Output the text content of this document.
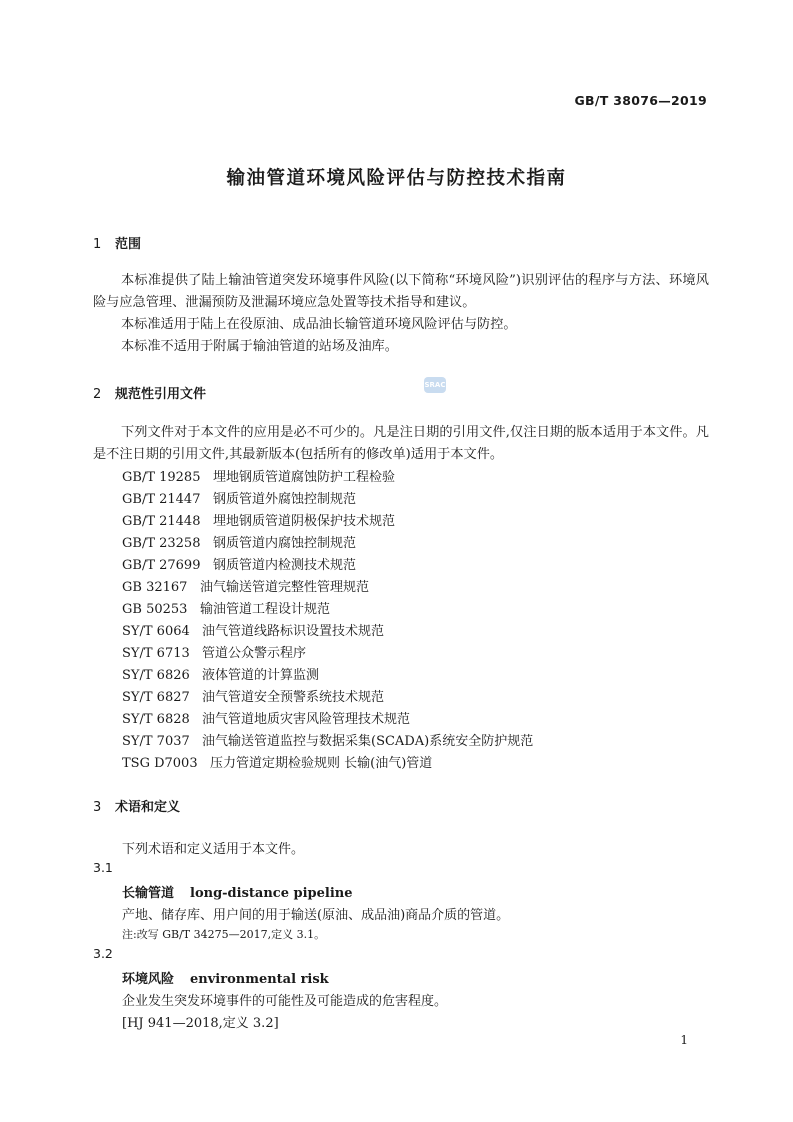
GB/T 38076—2019
输油管道环境风险评估与防控技术指南
1 范围

本标准提供了陆上输油管道突发环境事件风险(以下简称“环境风险”)识别评估的程序与方法、环境风险与应急管理、泄漏预防及泄漏环境应急处置等技术指导和建议。

本标准适用于陆上在役原油、成品油长输管道环境风险评估与防控。

本标准不适用于附属于输油管道的站场及油库。

2 规范性引用文件
SRAC

下列文件对于本文件的应用是必不可少的。凡是注日期的引用文件,仅注日期的版本适用于本文件。凡是不注日期的引用文件,其最新版本(包括所有的修改单)适用于本文件。

GB/T 19285 埋地钢质管道腐蚀防护工程检验
GB/T 21447 钢质管道外腐蚀控制规范
GB/T 21448 埋地钢质管道阴极保护技术规范
GB/T 23258 钢质管道内腐蚀控制规范
GB/T 27699 钢质管道内检测技术规范
GB 32167 油气输送管道完整性管理规范
GB 50253 输油管道工程设计规范
SY/T 6064 油气管道线路标识设置技术规范
SY/T 6713 管道公众警示程序
SY/T 6826 液体管道的计算监测
SY/T 6827 油气管道安全预警系统技术规范
SY/T 6828 油气管道地质灾害风险管理技术规范
SY/T 7037 油气输送管道监控与数据采集(SCADA)系统安全防护规范
TSG D7003 压力管道定期检验规则 长输(油气)管道
3 术语和定义
下列术语和定义适用于本文件。
3.1
长输管道 long-distance pipeline
产地、储存库、用户间的用于输送(原油、成品油)商品介质的管道。
注:改写 GB/T 34275—2017,定义 3.1。
3.2
环境风险 environmental risk
企业发生突发环境事件的可能性及可能造成的危害程度。
[HJ 941—2018,定义 3.2]
1
